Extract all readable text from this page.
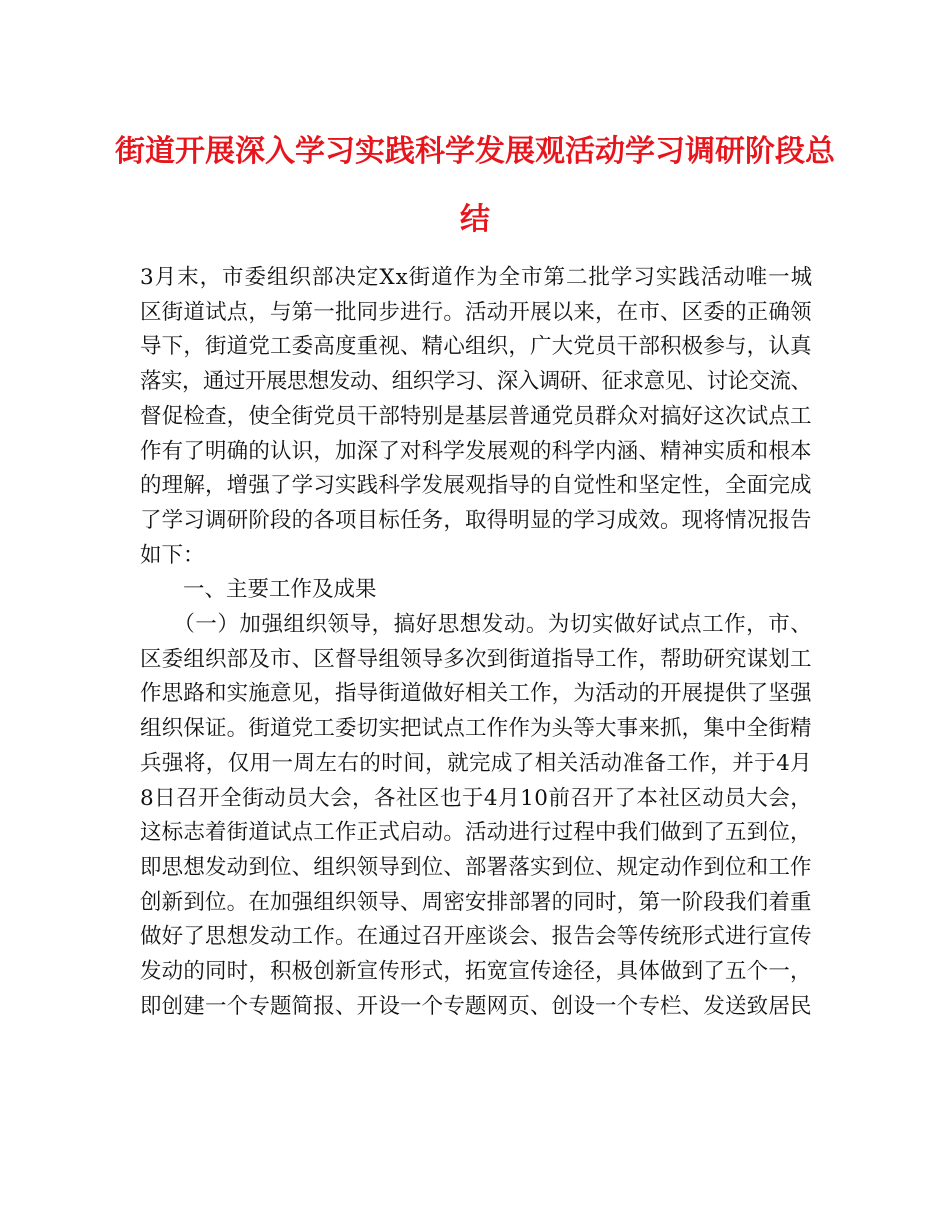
街道开展深入学习实践科学发展观活动学习调研阶段总
结
3月末，市委组织部决定Xx街道作为全市第二批学习实践活动唯一城
区街道试点，与第一批同步进行。活动开展以来，在市、区委的正确领
导下，街道党工委高度重视、精心组织，广大党员干部积极参与，认真
落实，通过开展思想发动、组织学习、深入调研、征求意见、讨论交流、
督促检查，使全街党员干部特别是基层普通党员群众对搞好这次试点工
作有了明确的认识，加深了对科学发展观的科学内涵、精神实质和根本
的理解，增强了学习实践科学发展观指导的自觉性和坚定性，全面完成
了学习调研阶段的各项目标任务，取得明显的学习成效。现将情况报告
如下：
　　一、主要工作及成果
　　（一）加强组织领导，搞好思想发动。为切实做好试点工作，市、
区委组织部及市、区督导组领导多次到街道指导工作，帮助研究谋划工
作思路和实施意见，指导街道做好相关工作，为活动的开展提供了坚强
组织保证。街道党工委切实把试点工作作为头等大事来抓，集中全街精
兵强将，仅用一周左右的时间，就完成了相关活动准备工作，并于4月
8日召开全街动员大会，各社区也于4月10前召开了本社区动员大会，
这标志着街道试点工作正式启动。活动进行过程中我们做到了五到位，
即思想发动到位、组织领导到位、部署落实到位、规定动作到位和工作
创新到位。在加强组织领导、周密安排部署的同时，第一阶段我们着重
做好了思想发动工作。在通过召开座谈会、报告会等传统形式进行宣传
发动的同时，积极创新宣传形式，拓宽宣传途径，具体做到了五个一，
即创建一个专题简报、开设一个专题网页、创设一个专栏、发送致居民
